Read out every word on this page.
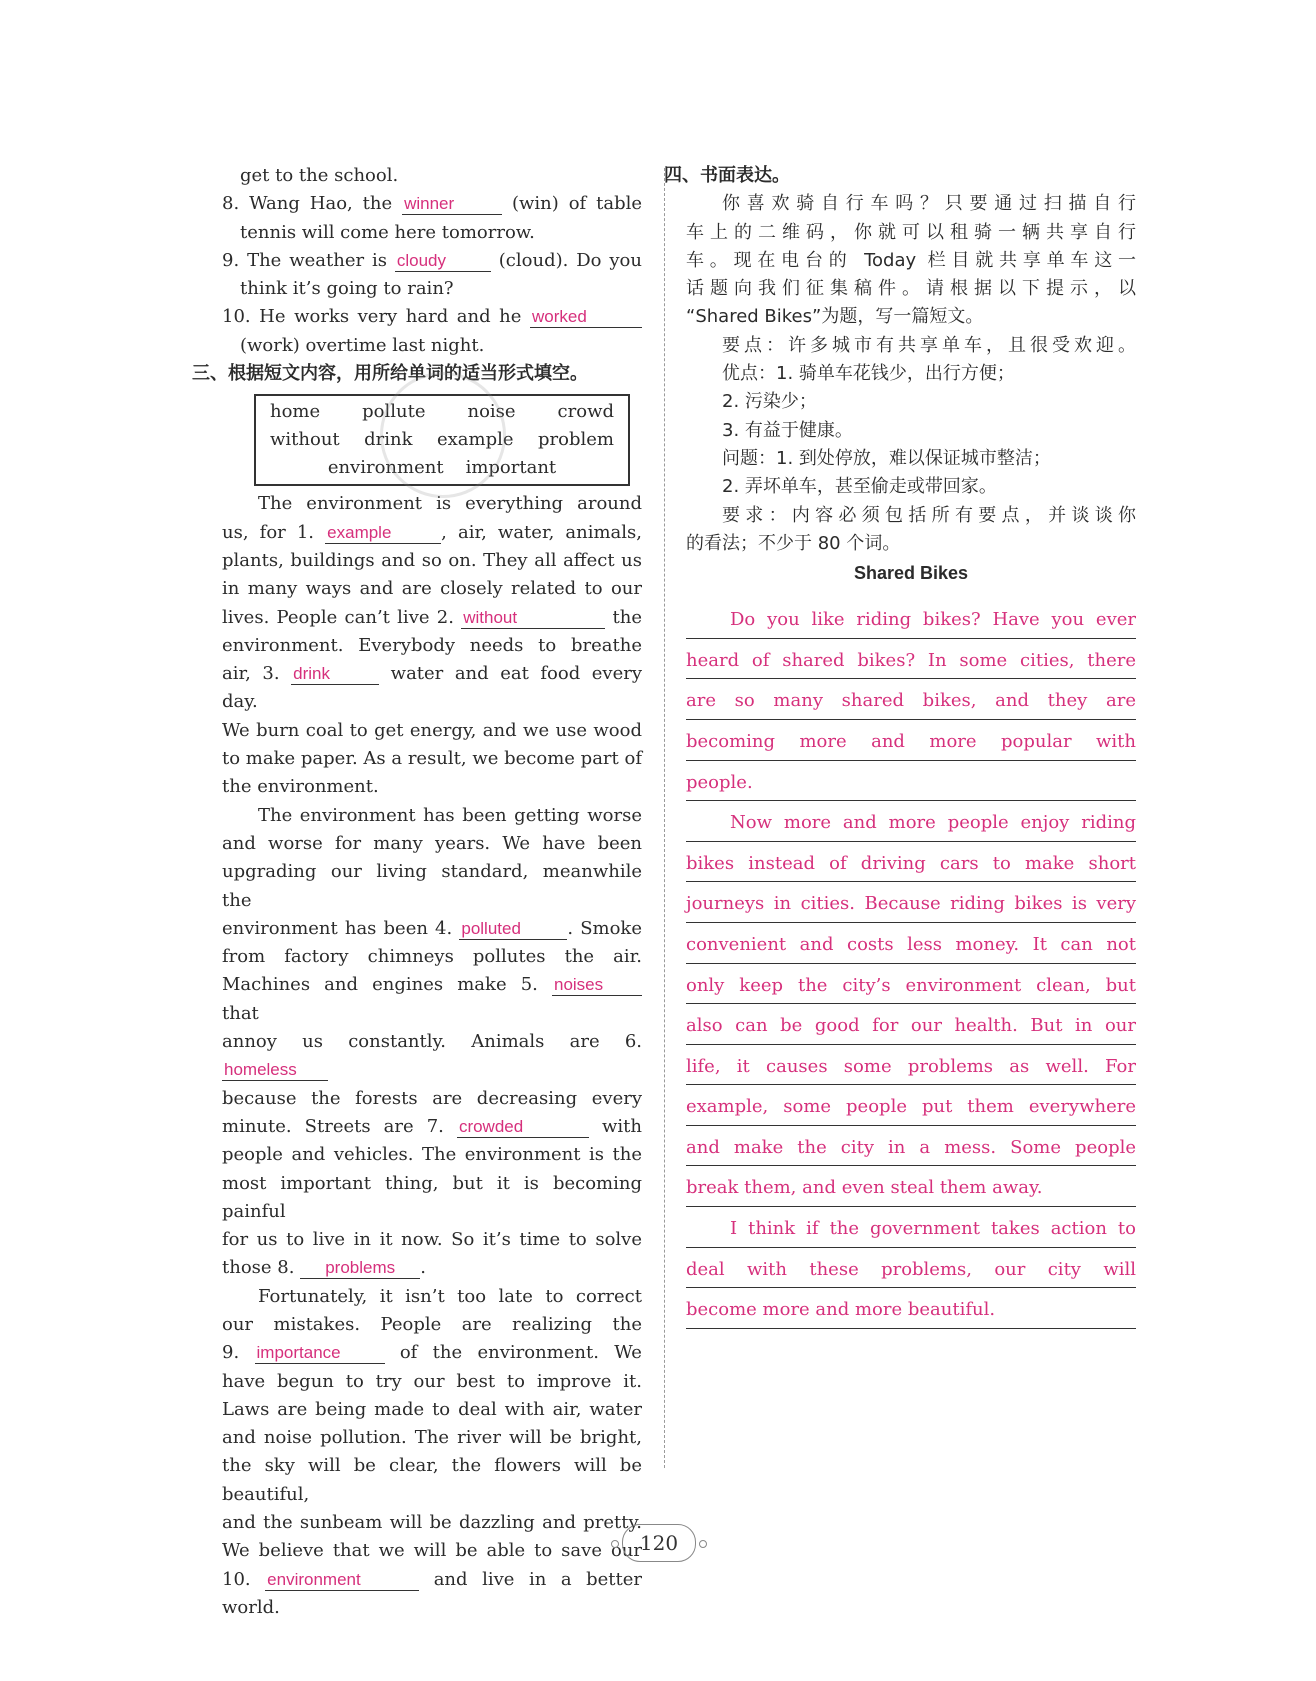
get to the school.
8. Wang Hao, the winner	(win) of table
tennis will come here tomorrow.
9. The weather is cloudy	(cloud). Do you
think it’s going to rain?
10. He works very hard and he worked
(work) overtime last night.
三、根据短文内容，用所给单词的适当形式填空。
home pollute noise crowd
without drink example problem
environment important
The environment is everything around
us, for 1. example	, air, water, animals,
plants, buildings and so on. They all affect us
in many ways and are closely related to our
lives. People can’t live 2. without	the
environment. Everybody needs to breathe
air, 3. drink	water and eat food every day.
We burn coal to get energy, and we use wood
to make paper. As a result, we become part of
the environment.
The environment has been getting worse
and worse for many years. We have been
upgrading our living standard, meanwhile the
environment has been 4. polluted	. Smoke
from factory chimneys pollutes the air.
Machines and engines make 5. noises that
annoy us constantly. Animals are 6. homeless
because the forests are decreasing every
minute. Streets are 7. crowded	with
people and vehicles. The environment is the
most important thing, but it is becoming painful
for us to live in it now. So it’s time to solve
those 8. problems .
Fortunately, it isn’t too late to correct
our mistakes. People are realizing the
9. importance	of the environment. We
have begun to try our best to improve it.
Laws are being made to deal with air, water
and noise pollution. The river will be bright,
the sky will be clear, the flowers will be beautiful,
and the sunbeam will be dazzling and pretty.
We believe that we will be able to save our
10. environment	and live in a better
world.
四、书面表达。
你喜欢骑自行车吗？只要通过扫描自行
车上的二维码，你就可以租骑一辆共享自行
车。现在电台的 Today 栏目就共享单车这一
话题向我们征集稿件。请根据以下提示，以
“Shared Bikes”为题，写一篇短文。
要点：许多城市有共享单车，且很受欢迎。
优点：1. 骑单车花钱少，出行方便；
2. 污染少；
3. 有益于健康。
问题：1. 到处停放，难以保证城市整洁；
2. 弄坏单车，甚至偷走或带回家。
要求：内容必须包括所有要点，并谈谈你
的看法；不少于 80 个词。
Shared Bikes
Do you like riding bikes? Have you ever
heard of shared bikes? In some cities, there
are so many shared bikes, and they are
becoming more and more popular with
people.
Now more and more people enjoy riding
bikes instead of driving cars to make short
journeys in cities. Because riding bikes is very
convenient and costs less money. It can not
only keep the city’s environment clean, but
also can be good for our health. But in our
life, it causes some problems as well. For
example, some people put them everywhere
and make the city in a mess. Some people
break them, and even steal them away.
I think if the government takes action to
deal with these problems, our city will
become more and more beautiful.
120
